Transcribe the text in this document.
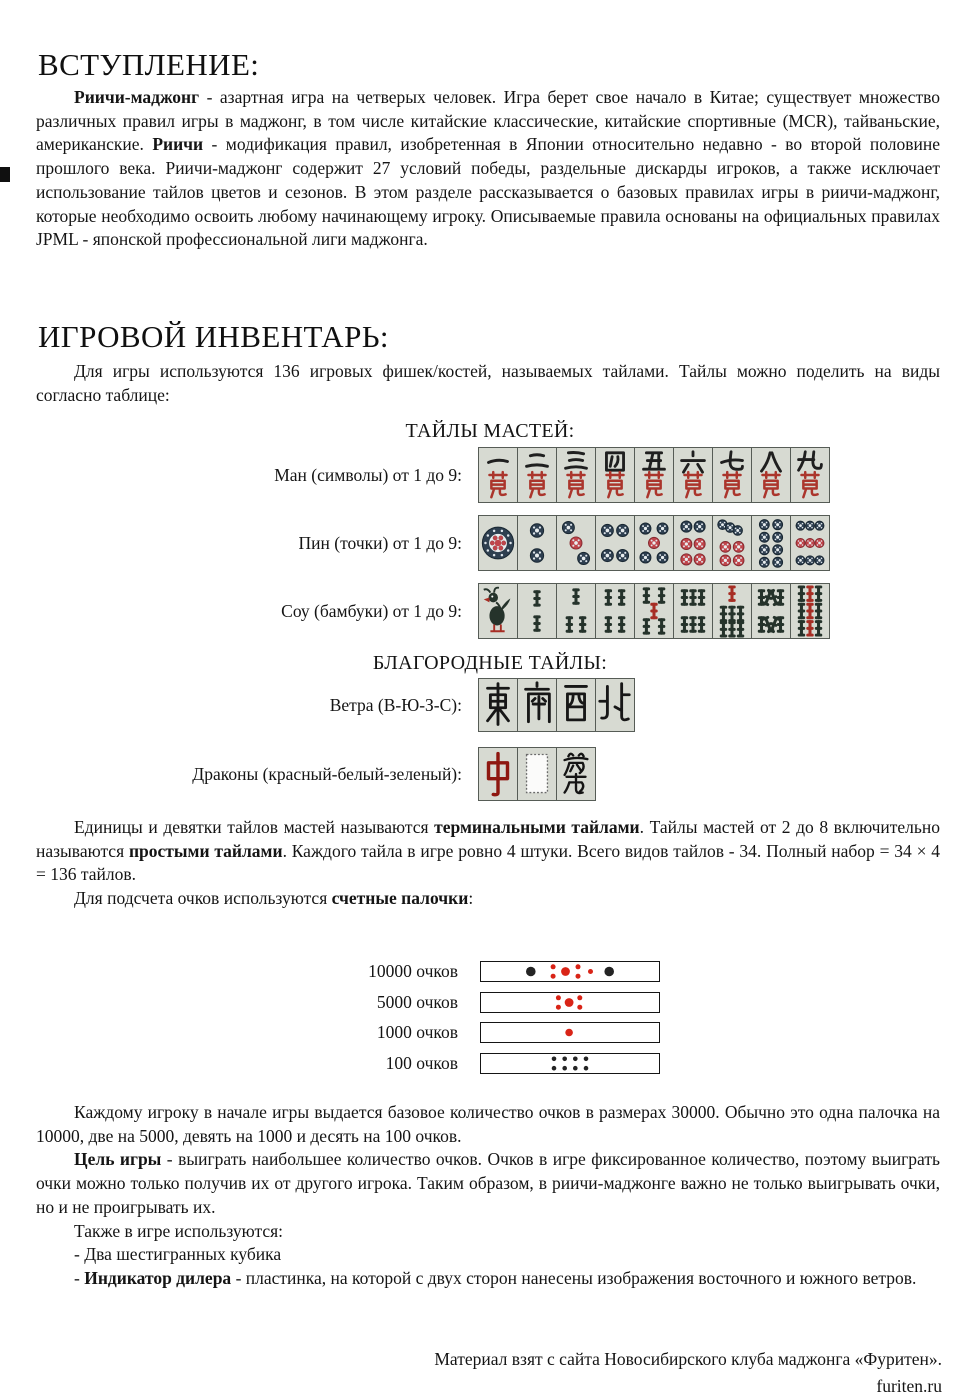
ВСТУПЛЕНИЕ:

Риичи-маджонг - азартная игра на четверых человек. Игра берет свое начало в Китае; существует множество различных правил игры в маджонг, в том числе китайские классические, китайские спортивные (MCR), тайваньские, американские. Риичи - модификация правил, изобретенная в Японии относительно недавно - во второй половине прошлого века. Риичи-маджонг содержит 27 условий победы, раздельные дискарды игроков, а также исключает использование тайлов цветов и сезонов. В этом разделе рассказывается о базовых правилах игры в риичи-маджонг, которые необходимо освоить любому начинающему игроку. Описываемые правила основаны на официальных правилах JPML - японской профессиональной лиги маджонга.

ИГРОВОЙ ИНВЕНТАРЬ:

Для игры используются 136 игровых фишек/костей, называемых тайлами. Тайлы можно поделить на виды согласно таблице:

ТАЙЛЫ МАСТЕЙ:
Ман (символы) от 1 до 9:
Пин (точки) от 1 до 9:
Соу (бамбуки) от 1 до 9:
БЛАГОРОДНЫЕ ТАЙЛЫ:
Ветра (В-Ю-З-С):
Драконы (красный-белый-зеленый):

Единицы и девятки тайлов мастей называются терминальными тайлами. Тайлы мастей от 2 до 8 включительно называются простыми тайлами. Каждого тайла в игре ровно 4 штуки. Всего видов тайлов - 34. Полный набор = 34 × 4 = 136 тайлов.

Для подсчета очков используются счетные палочки:

10000 очков
5000 очков
1000 очков
100 очков

Каждому игроку в начале игры выдается базовое количество очков в размерах 30000. Обычно это одна палочка на 10000, две на 5000, девять на 1000 и десять на 100 очков.

Цель игры - выиграть наибольшее количество очков. Очков в игре фиксированное количество, поэтому выиграть очки можно только получив их от другого игрока. Таким образом, в риичи-маджонге важно не только выигрывать очки, но и не проигрывать их.

Также в игре используются:

- Два шестигранных кубика

- Индикатор дилера - пластинка, на которой с двух сторон нанесены изображения восточного и южного ветров.

Материал взят с сайта Новосибирского клуба маджонга «Фуритен».
furiten.ru
